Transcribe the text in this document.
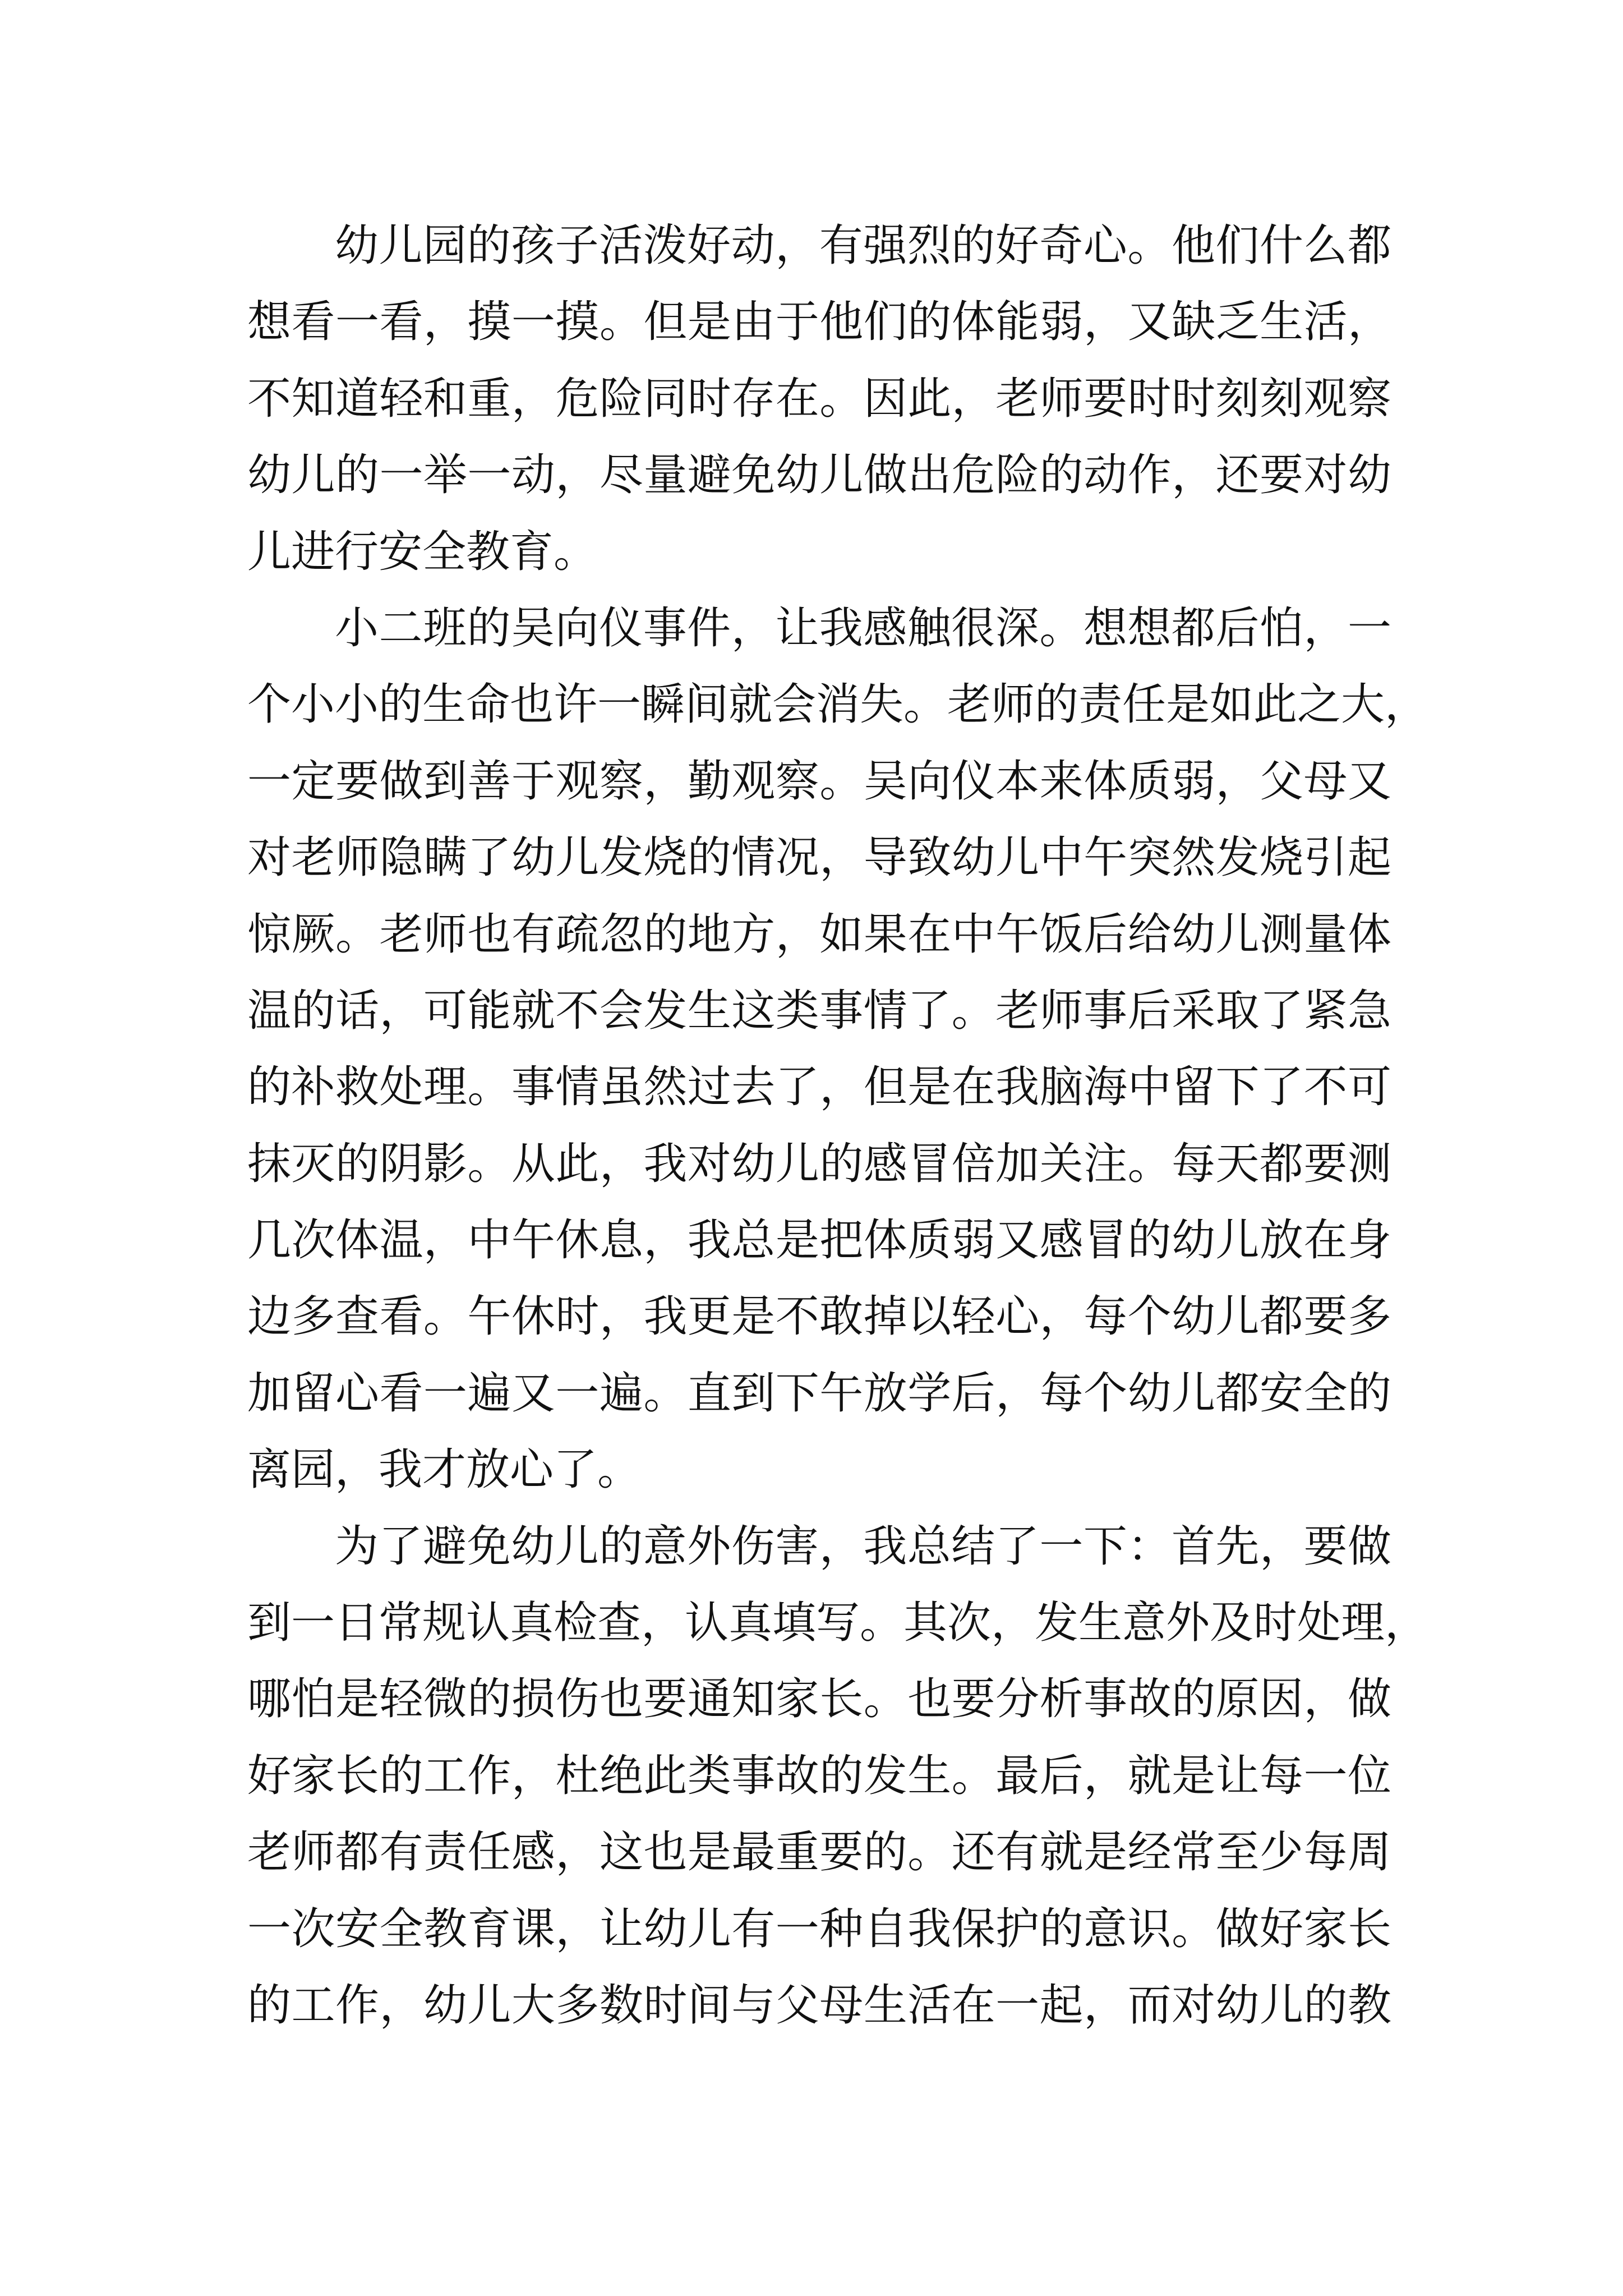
幼儿园的孩子活泼好动，有强烈的好奇心。他们什么都
想看一看，摸一摸。但是由于他们的体能弱，又缺乏生活，
不知道轻和重，危险同时存在。因此，老师要时时刻刻观察
幼儿的一举一动，尽量避免幼儿做出危险的动作，还要对幼
儿进行安全教育。
小二班的吴向仪事件，让我感触很深。想想都后怕，一
个小小的生命也许一瞬间就会消失。老师的责任是如此之大，
一定要做到善于观察，勤观察。吴向仪本来体质弱，父母又
对老师隐瞒了幼儿发烧的情况，导致幼儿中午突然发烧引起
惊厥。老师也有疏忽的地方，如果在中午饭后给幼儿测量体
温的话，可能就不会发生这类事情了。老师事后采取了紧急
的补救处理。事情虽然过去了，但是在我脑海中留下了不可
抹灭的阴影。从此，我对幼儿的感冒倍加关注。每天都要测
几次体温，中午休息，我总是把体质弱又感冒的幼儿放在身
边多查看。午休时，我更是不敢掉以轻心，每个幼儿都要多
加留心看一遍又一遍。直到下午放学后，每个幼儿都安全的
离园，我才放心了。
为了避免幼儿的意外伤害，我总结了一下：首先，要做
到一日常规认真检查，认真填写。其次，发生意外及时处理，
哪怕是轻微的损伤也要通知家长。也要分析事故的原因，做
好家长的工作，杜绝此类事故的发生。最后，就是让每一位
老师都有责任感，这也是最重要的。还有就是经常至少每周
一次安全教育课，让幼儿有一种自我保护的意识。做好家长
的工作，幼儿大多数时间与父母生活在一起，而对幼儿的教
